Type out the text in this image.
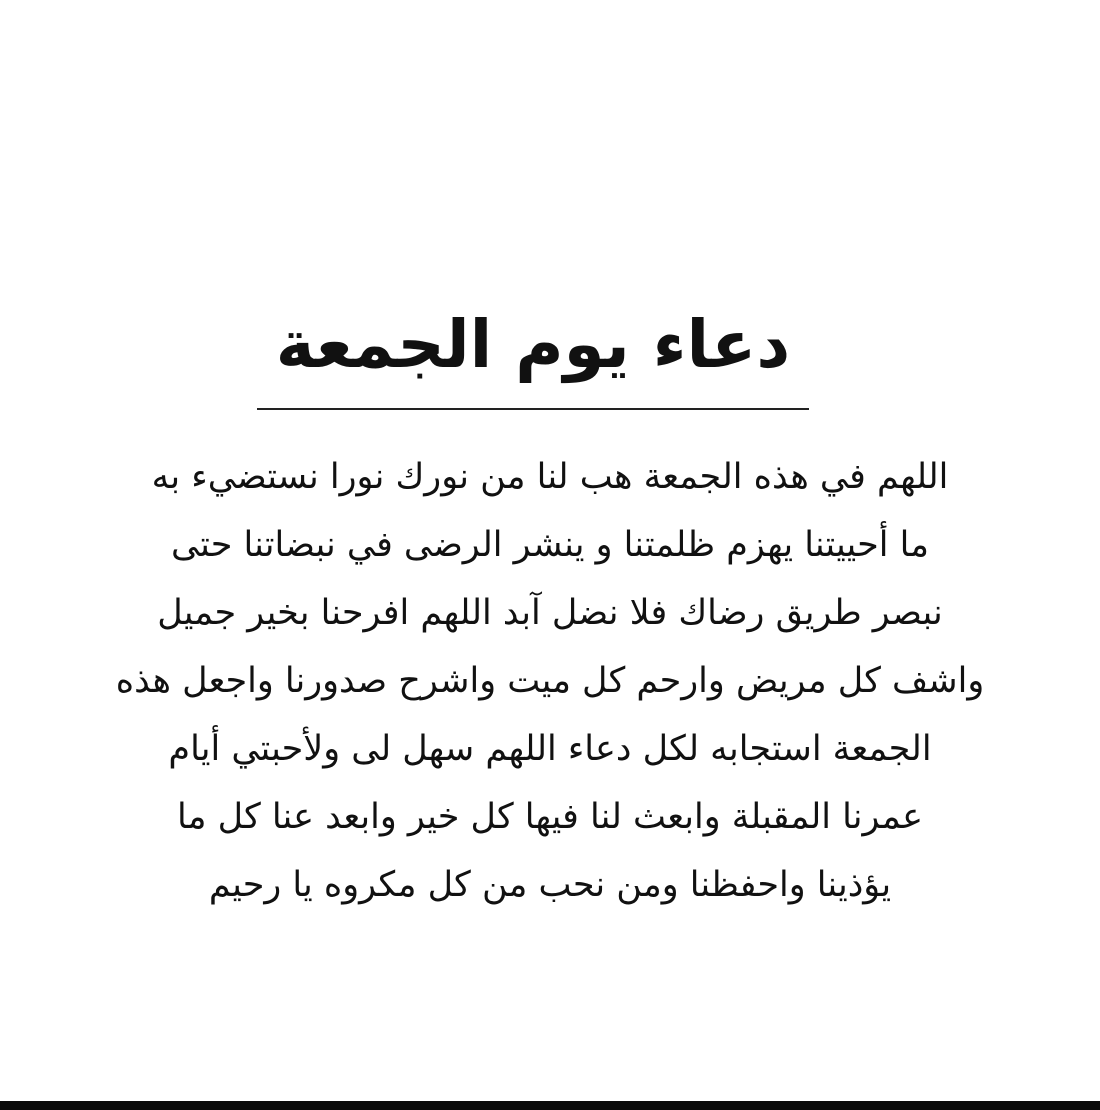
دعاء يوم الجمعة
اللهم في هذه الجمعة هب لنا من نورك نورا نستضيء به
ما أحييتنا يهزم ظلمتنا و ينشر الرضى في نبضاتنا حتى
نبصر طريق رضاك فلا نضل آبد اللهم افرحنا بخير جميل
واشف كل مريض وارحم كل ميت واشرح صدورنا واجعل هذه
الجمعة استجابه لكل دعاء اللهم سهل لى ولأحبتي أيام
عمرنا المقبلة وابعث لنا فيها كل خير وابعد عنا كل ما
يؤذينا واحفظنا ومن نحب من كل مكروه يا رحيم
